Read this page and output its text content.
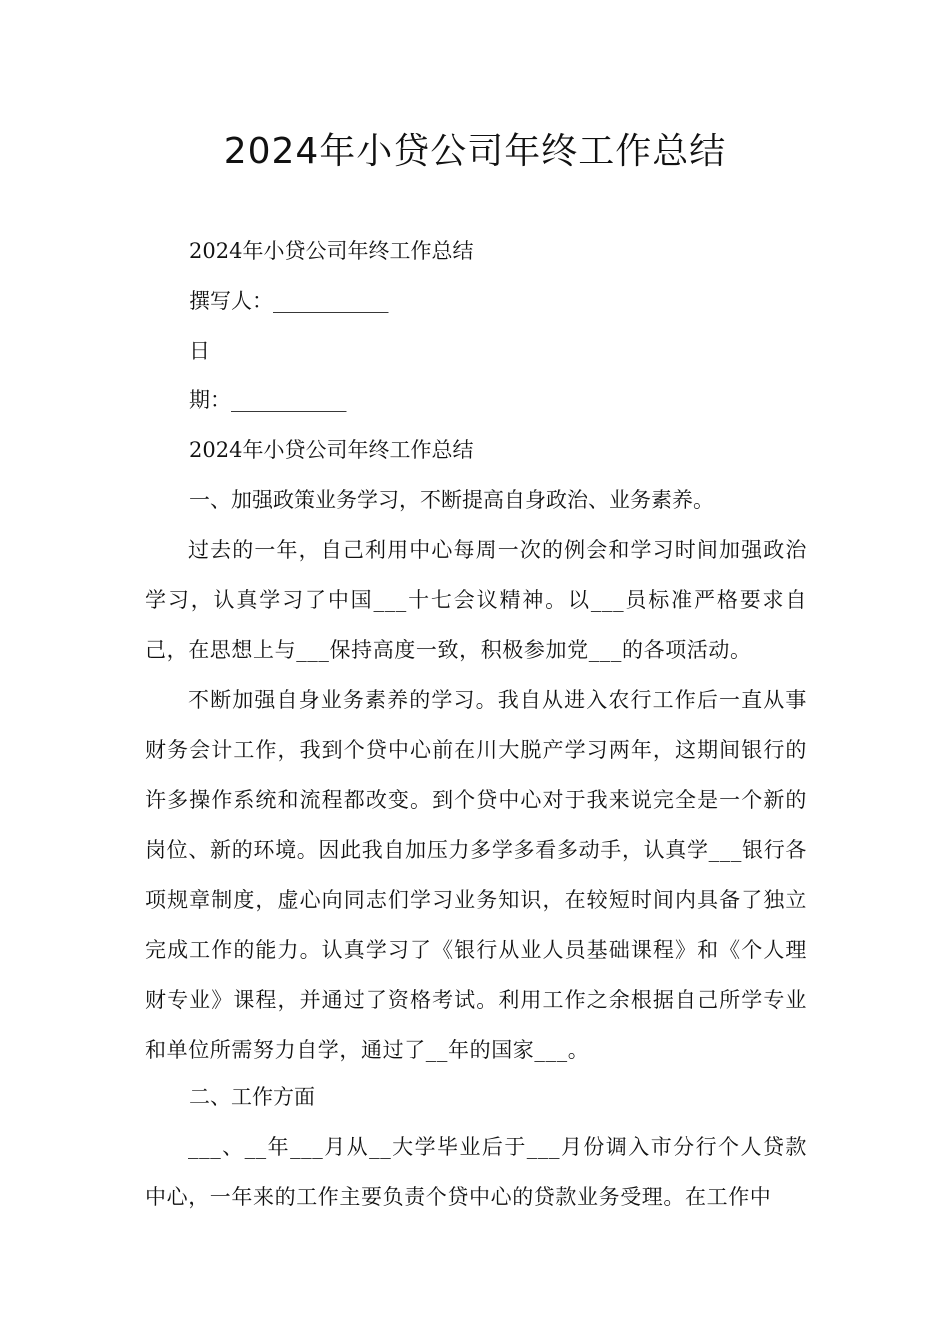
2024年小贷公司年终工作总结
2024年小贷公司年终工作总结
撰写人：___________
日
期：___________
2024年小贷公司年终工作总结
一、加强政策业务学习，不断提高自身政治、业务素养。

过去的一年，自己利用中心每周一次的例会和学习时间加强政治学习，认真学习了中国___十七会议精神。以___员标准严格要求自己，在思想上与___保持高度一致，积极参加党___的各项活动。

不断加强自身业务素养的学习。我自从进入农行工作后一直从事财务会计工作，我到个贷中心前在川大脱产学习两年，这期间银行的许多操作系统和流程都改变。到个贷中心对于我来说完全是一个新的岗位、新的环境。因此我自加压力多学多看多动手，认真学___银行各项规章制度，虚心向同志们学习业务知识，在较短时间内具备了独立完成工作的能力。认真学习了《银行从业人员基础课程》和《个人理财专业》课程，并通过了资格考试。利用工作之余根据自己所学专业和单位所需努力自学，通过了__年的国家___。

二、工作方面

___、__年___月从__大学毕业后于___月份调入市分行个人贷款中心，一年来的工作主要负责个贷中心的贷款业务受理。在工作中
